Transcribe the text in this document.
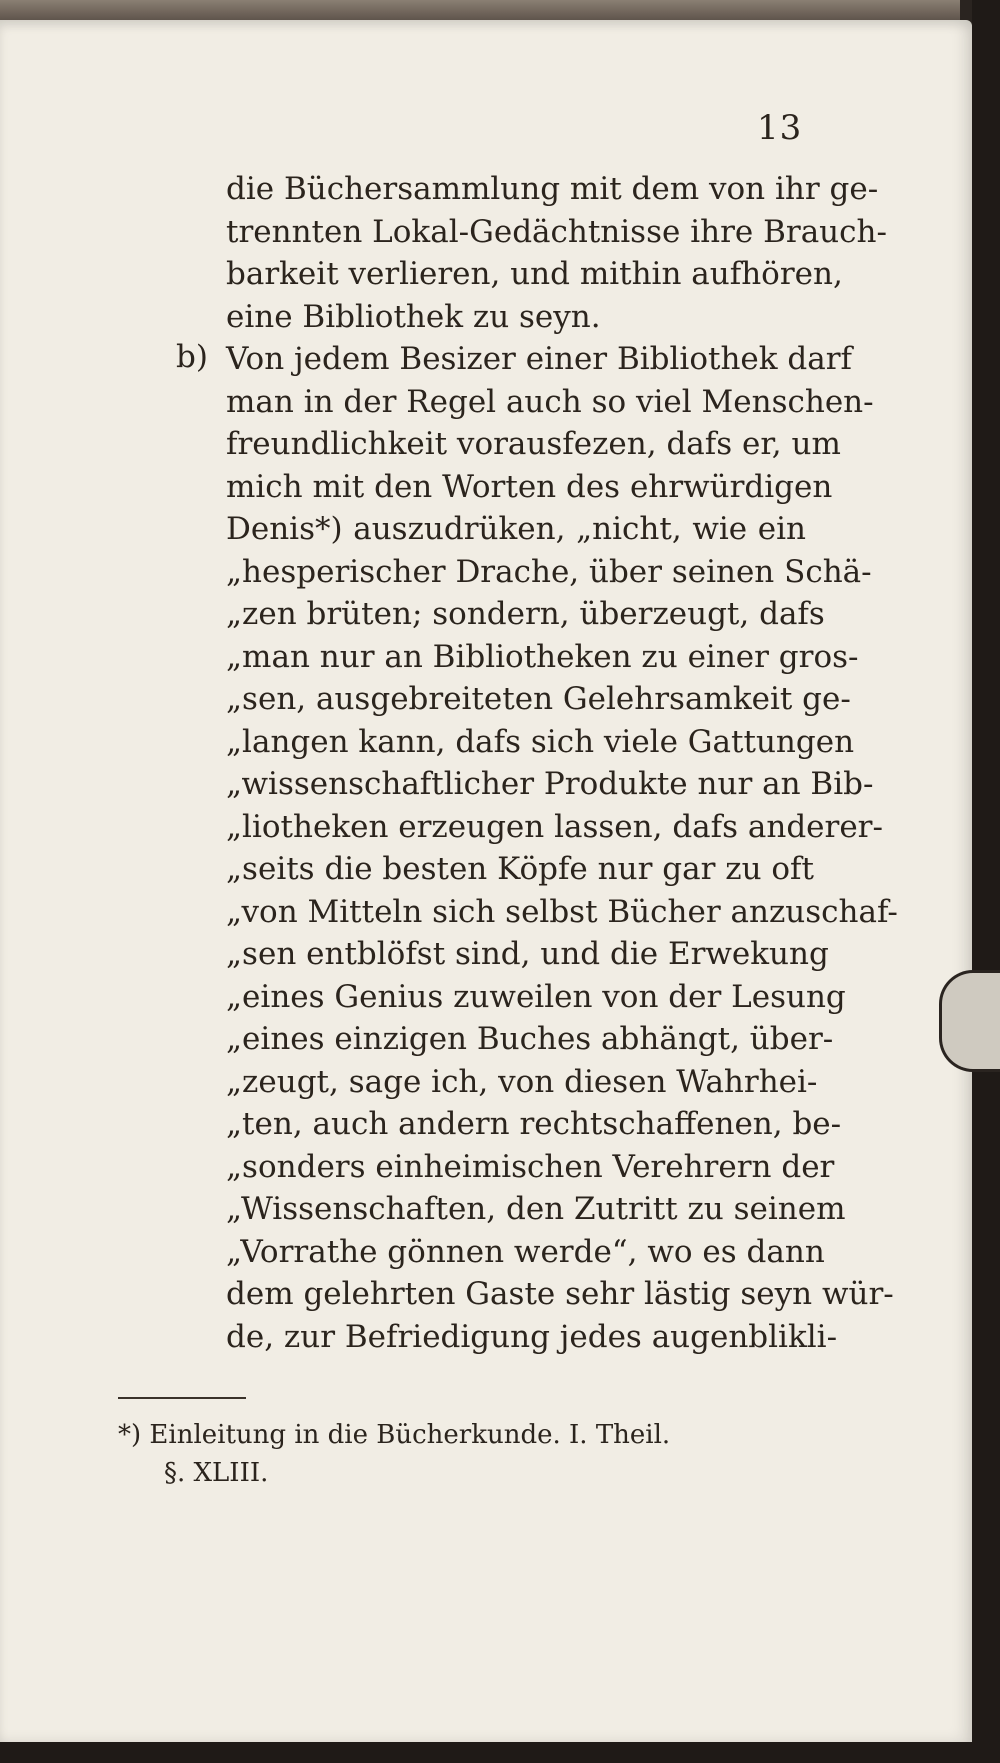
13
die Büchersammlung mit dem von ihr ge-
trennten Lokal-Gedächtnisse ihre Brauch-
barkeit verlieren, und mithin aufhören,
eine Bibliothek zu seyn.
Von jedem Besizer einer Bibliothek darf
man in der Regel auch so viel Menschen-
freundlichkeit vorausfezen, dafs er, um
mich mit den Worten des ehrwürdigen
Denis*) auszudrüken, „nicht, wie ein
„hesperischer Drache, über seinen Schä-
„zen brüten; sondern, überzeugt, dafs
„man nur an Bibliotheken zu einer gros-
„sen, ausgebreiteten Gelehrsamkeit ge-
„langen kann, dafs sich viele Gattungen
„wissenschaftlicher Produkte nur an Bib-
„liotheken erzeugen lassen, dafs anderer-
„seits die besten Köpfe nur gar zu oft
„von Mitteln sich selbst Bücher anzuschaf-
„sen entblöfst sind, und die Erwekung
„eines Genius zuweilen von der Lesung
„eines einzigen Buches abhängt, über-
„zeugt, sage ich, von diesen Wahrhei-
„ten, auch andern rechtschaffenen, be-
„sonders einheimischen Verehrern der
„Wissenschaften, den Zutritt zu seinem
„Vorrathe gönnen werde“, wo es dann
dem gelehrten Gaste sehr lästig seyn wür-
de, zur Befriedigung jedes augenblikli-
b)
*) Einleitung in die Bücherkunde. I. Theil.
§. XLIII.
